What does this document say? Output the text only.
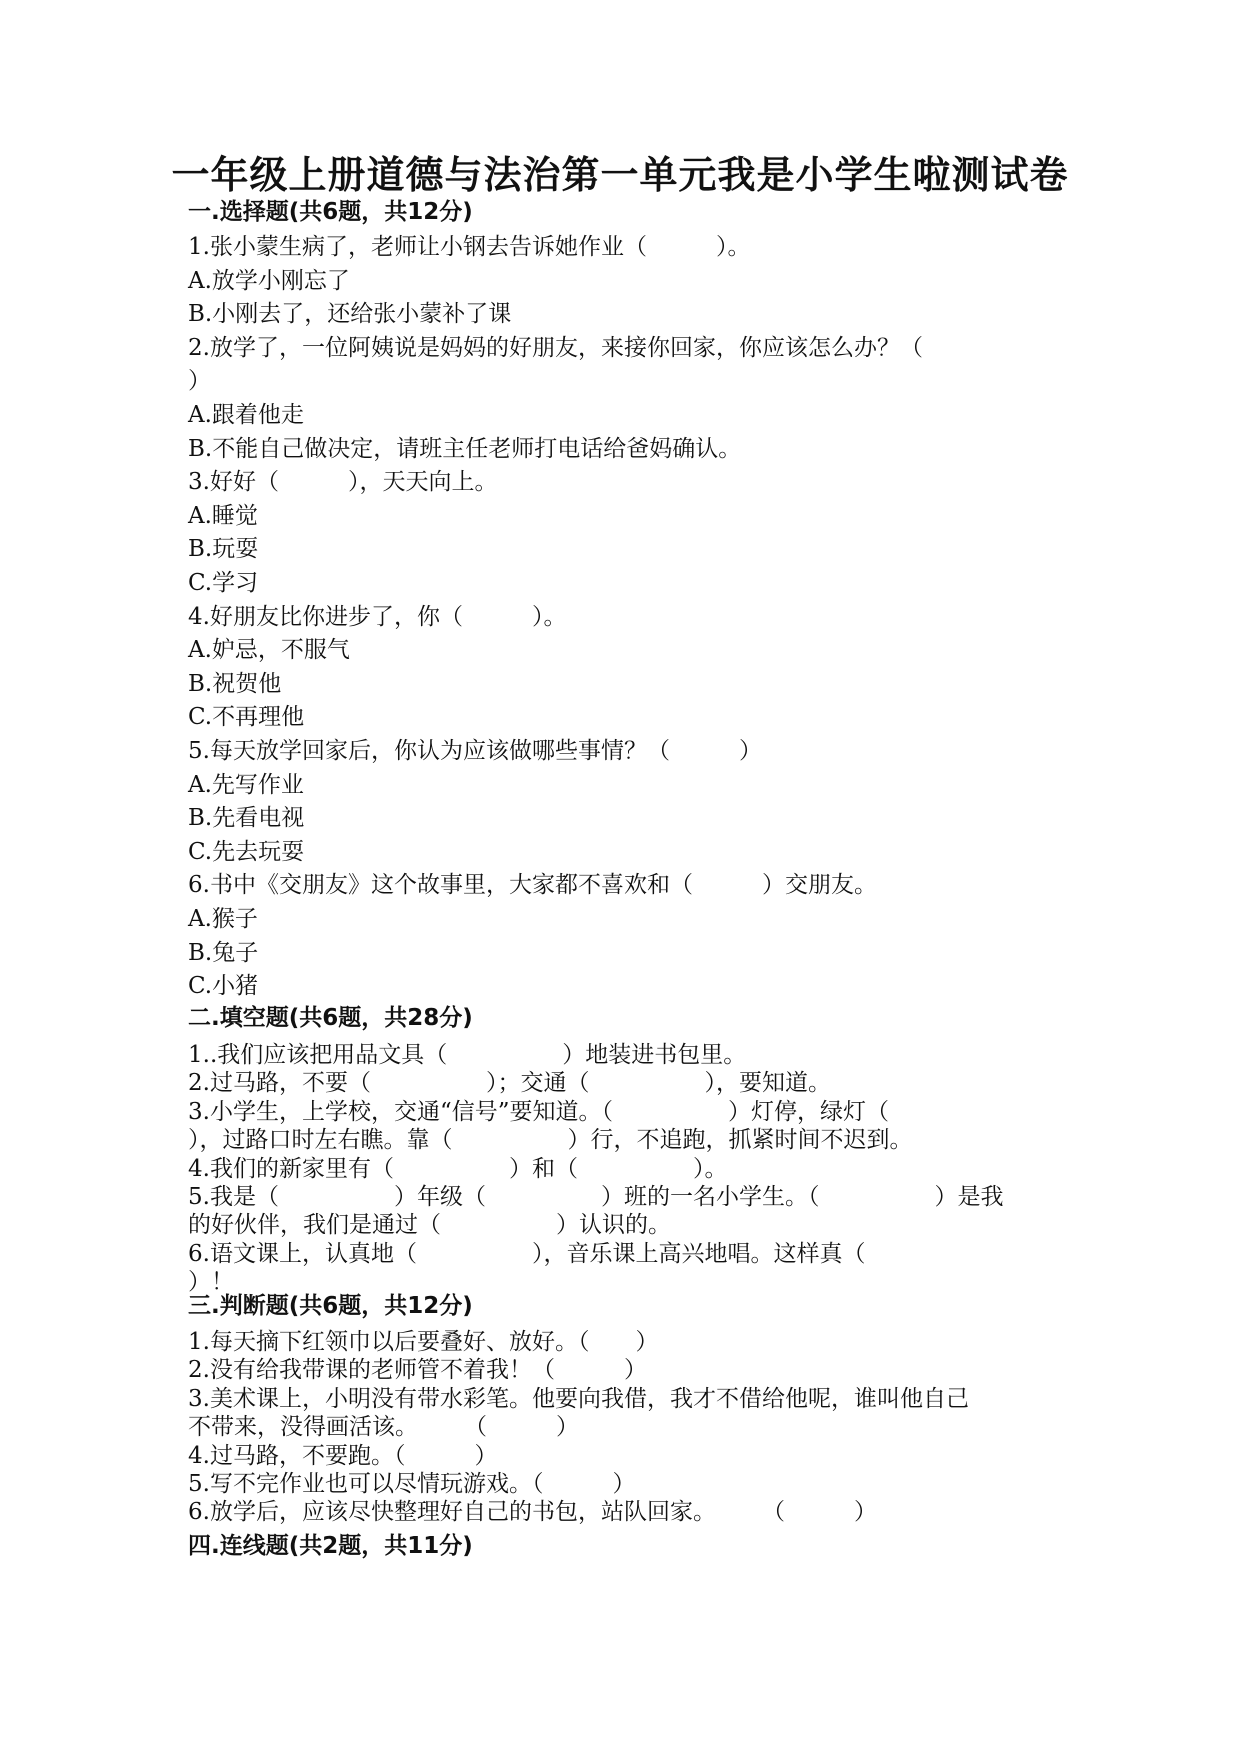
一年级上册道德与法治第一单元我是小学生啦测试卷
一.选择题(共6题，共12分)
1.张小蒙生病了，老师让小钢去告诉她作业（　　　）。
A.放学小刚忘了
B.小刚去了，还给张小蒙补了课
2.放学了，一位阿姨说是妈妈的好朋友，来接你回家，你应该怎么办？（
）
A.跟着他走
B.不能自己做决定，请班主任老师打电话给爸妈确认。
3.好好（　　　），天天向上。
A.睡觉
B.玩耍
C.学习
4.好朋友比你进步了，你（　　　）。
A.妒忌，不服气
B.祝贺他
C.不再理他
5.每天放学回家后，你认为应该做哪些事情？（　　　）
A.先写作业
B.先看电视
C.先去玩耍
6.书中《交朋友》这个故事里，大家都不喜欢和（　　　）交朋友。
A.猴子
B.兔子
C.小猪
二.填空题(共6题，共28分)
1..我们应该把用品文具（　　　　　）地装进书包里。
2.过马路，不要（　　　　　）；交通（　　　　　），要知道。
3.小学生，上学校，交通“信号”要知道。（　　　　　）灯停，绿灯（
），过路口时左右瞧。靠（　　　　　）行，不追跑，抓紧时间不迟到。
4.我们的新家里有（　　　　　）和（　　　　　）。
5.我是（　　　　　）年级（　　　　　）班的一名小学生。（　　　　　）是我
的好伙伴，我们是通过（　　　　　）认识的。
6.语文课上，认真地（　　　　　），音乐课上高兴地唱。这样真（
）！
三.判断题(共6题，共12分)
1.每天摘下红领巾以后要叠好、放好。（　　）
2.没有给我带课的老师管不着我！（　　　）
3.美术课上，小明没有带水彩笔。他要向我借，我才不借给他呢，谁叫他自己
不带来，没得画活该。　　　（　　　）
4.过马路，不要跑。（　　　）
5.写不完作业也可以尽情玩游戏。（　　　）
6.放学后，应该尽快整理好自己的书包，站队回家。　　　（　　　）
四.连线题(共2题，共11分)
